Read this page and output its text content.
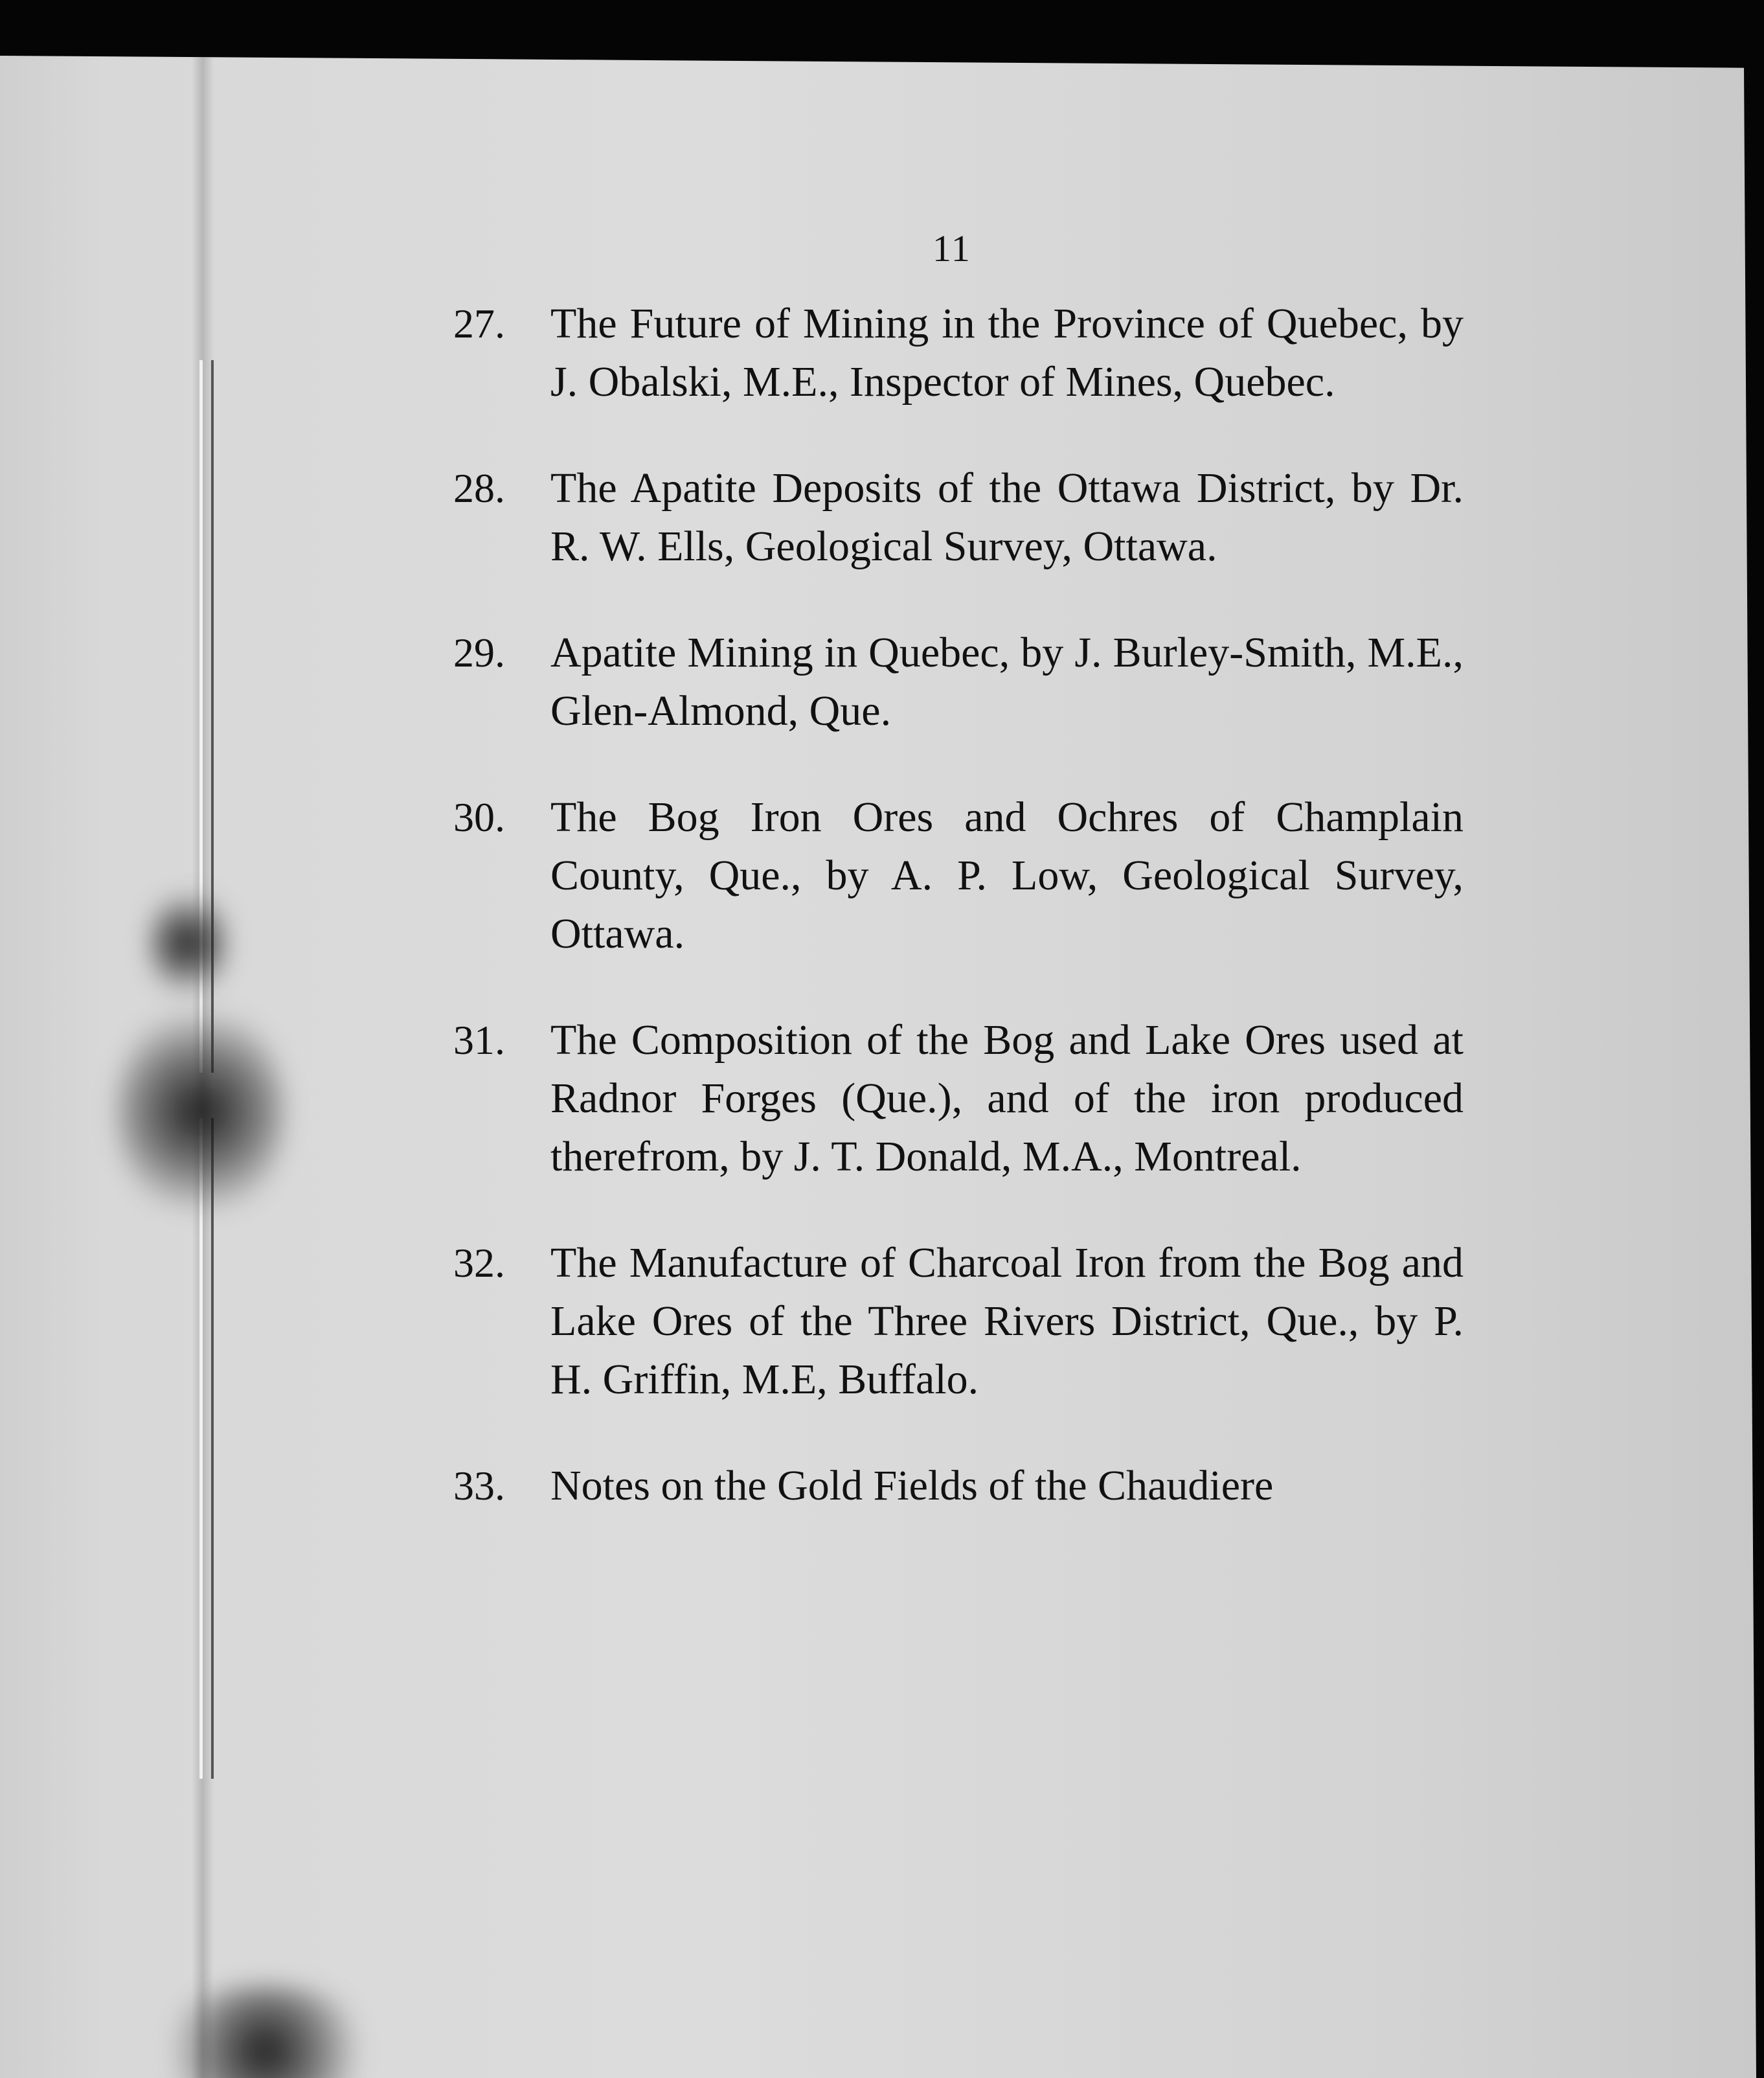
11
27.	The Future of Mining in the Province of Quebec, by J. Obalski, M.E., Inspector of Mines, Quebec.
28.	The Apatite Deposits of the Ottawa District, by Dr. R. W. Ells, Geological Survey, Ottawa.
29.	Apatite Mining in Quebec, by J. Burley-Smith, M.E., Glen-Almond, Que.
30.	The Bog Iron Ores and Ochres of Champlain County, Que., by A. P. Low, Geological Survey, Ottawa.
31.	The Composition of the Bog and Lake Ores used at Radnor Forges (Que.), and of the iron produced therefrom, by J. T. Donald, M.A., Montreal.
32.	The Manufacture of Charcoal Iron from the Bog and Lake Ores of the Three Rivers District, Que., by P. H. Griffin, M.E, Buffalo.
33.	Notes on the Gold Fields of the Chaudiere
